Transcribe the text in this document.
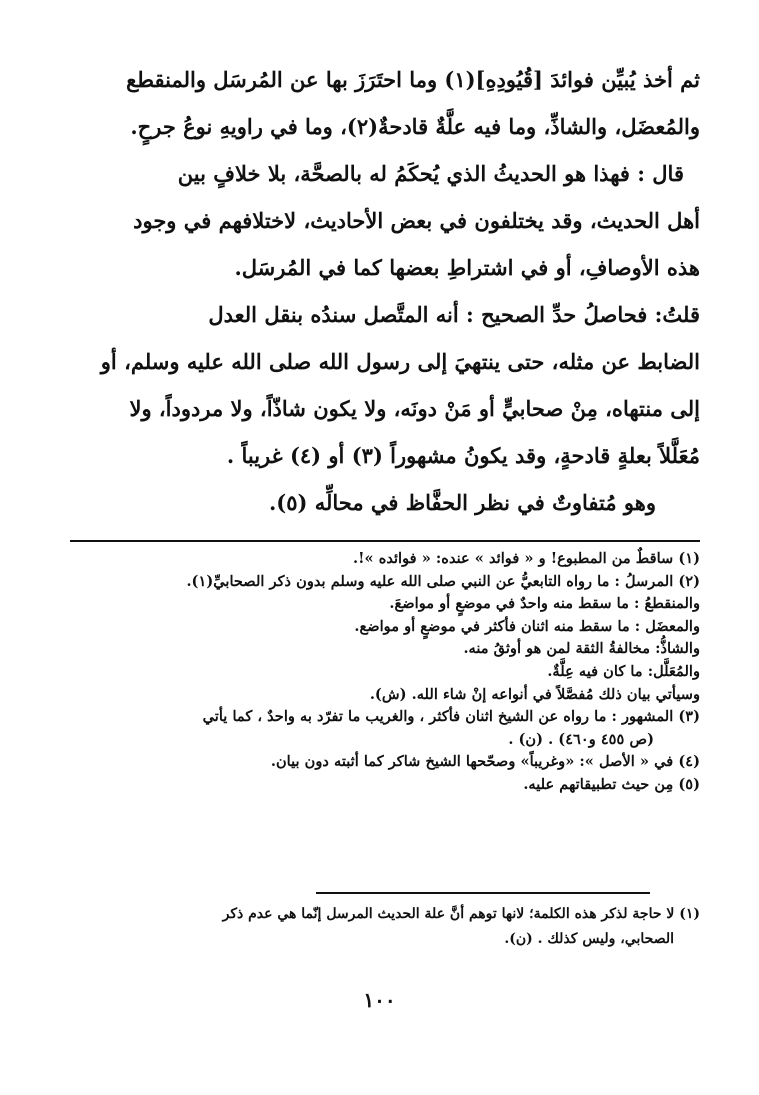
ثم أخذ يُبيِّن فوائدَ [قُيُودِهِ](١) وما احتَرَزَ بها عن المُرسَل والمنقطع

والمُعضَل، والشاذِّ، وما فيه علَّةٌ قادحةٌ(٢)، وما في راويهِ نوعُ جرحٍ.

قال : فهذا هو الحديثُ الذي يُحكَمُ له بالصحَّة، بلا خلافٍ بين

أهل الحديث، وقد يختلفون في بعض الأحاديث، لاختلافهم في وجود

هذه الأوصافِ، أو في اشتراطِ بعضها كما في المُرسَل.

قلتُ: فحاصلُ حدِّ الصحيح : أنه المتَّصل سندُه بنقل العدل

الضابط عن مثله، حتى ينتهيَ إلى رسول الله صلى الله عليه وسلم، أو

إلى منتهاه، مِنْ صحابيٍّ أو مَنْ دونَه، ولا يكون شاذّاً، ولا مردوداً، ولا

مُعَلَّلاً بعلةٍ قادحةٍ، وقد يكونُ مشهوراً (٣) أو (٤) غريباً .

وهو مُتفاوتٌ في نظر الحفَّاظ في محالِّه (٥).

(١) ساقطٌ من المطبوع! و « فوائد » عنده: « فوائده »!.
(٢) المرسلُ : ما رواه التابعيُّ عن النبي صلى الله عليه وسلم بدون ذكر الصحابيِّ(١).
والمنقطعُ : ما سقط منه واحدٌ في موضعٍ أو مواضعَ.
والمعضَل : ما سقط منه اثنان فأكثر في موضعٍ أو مواضع.
والشاذُّ: مخالفةُ الثقة لمن هو أوثقُ منه.
والمُعَلَّل: ما كان فيه عِلَّةٌ.
وسيأتي بيان ذلك مُفصَّلاً في أنواعه إنْ شاء الله. (ش).
(٣) المشهور : ما رواه عن الشيخ اثنان فأكثر ، والغريب ما تفرّد به واحدٌ ، كما يأتي
(ص ٤٥٥ و٤٦٠) . (ن) .
(٤) في « الأصل »: «وغريباً» وصحّحها الشيخ شاكر كما أثبته دون بيان.
(٥) مِن حيث تطبيقاتهم عليه.
(١) لا حاجة لذكر هذه الكلمة؛ لانها توهم أنَّ علة الحديث المرسل إنّما هي عدم ذكر
الصحابي، وليس كذلك . (ن).
١٠٠
